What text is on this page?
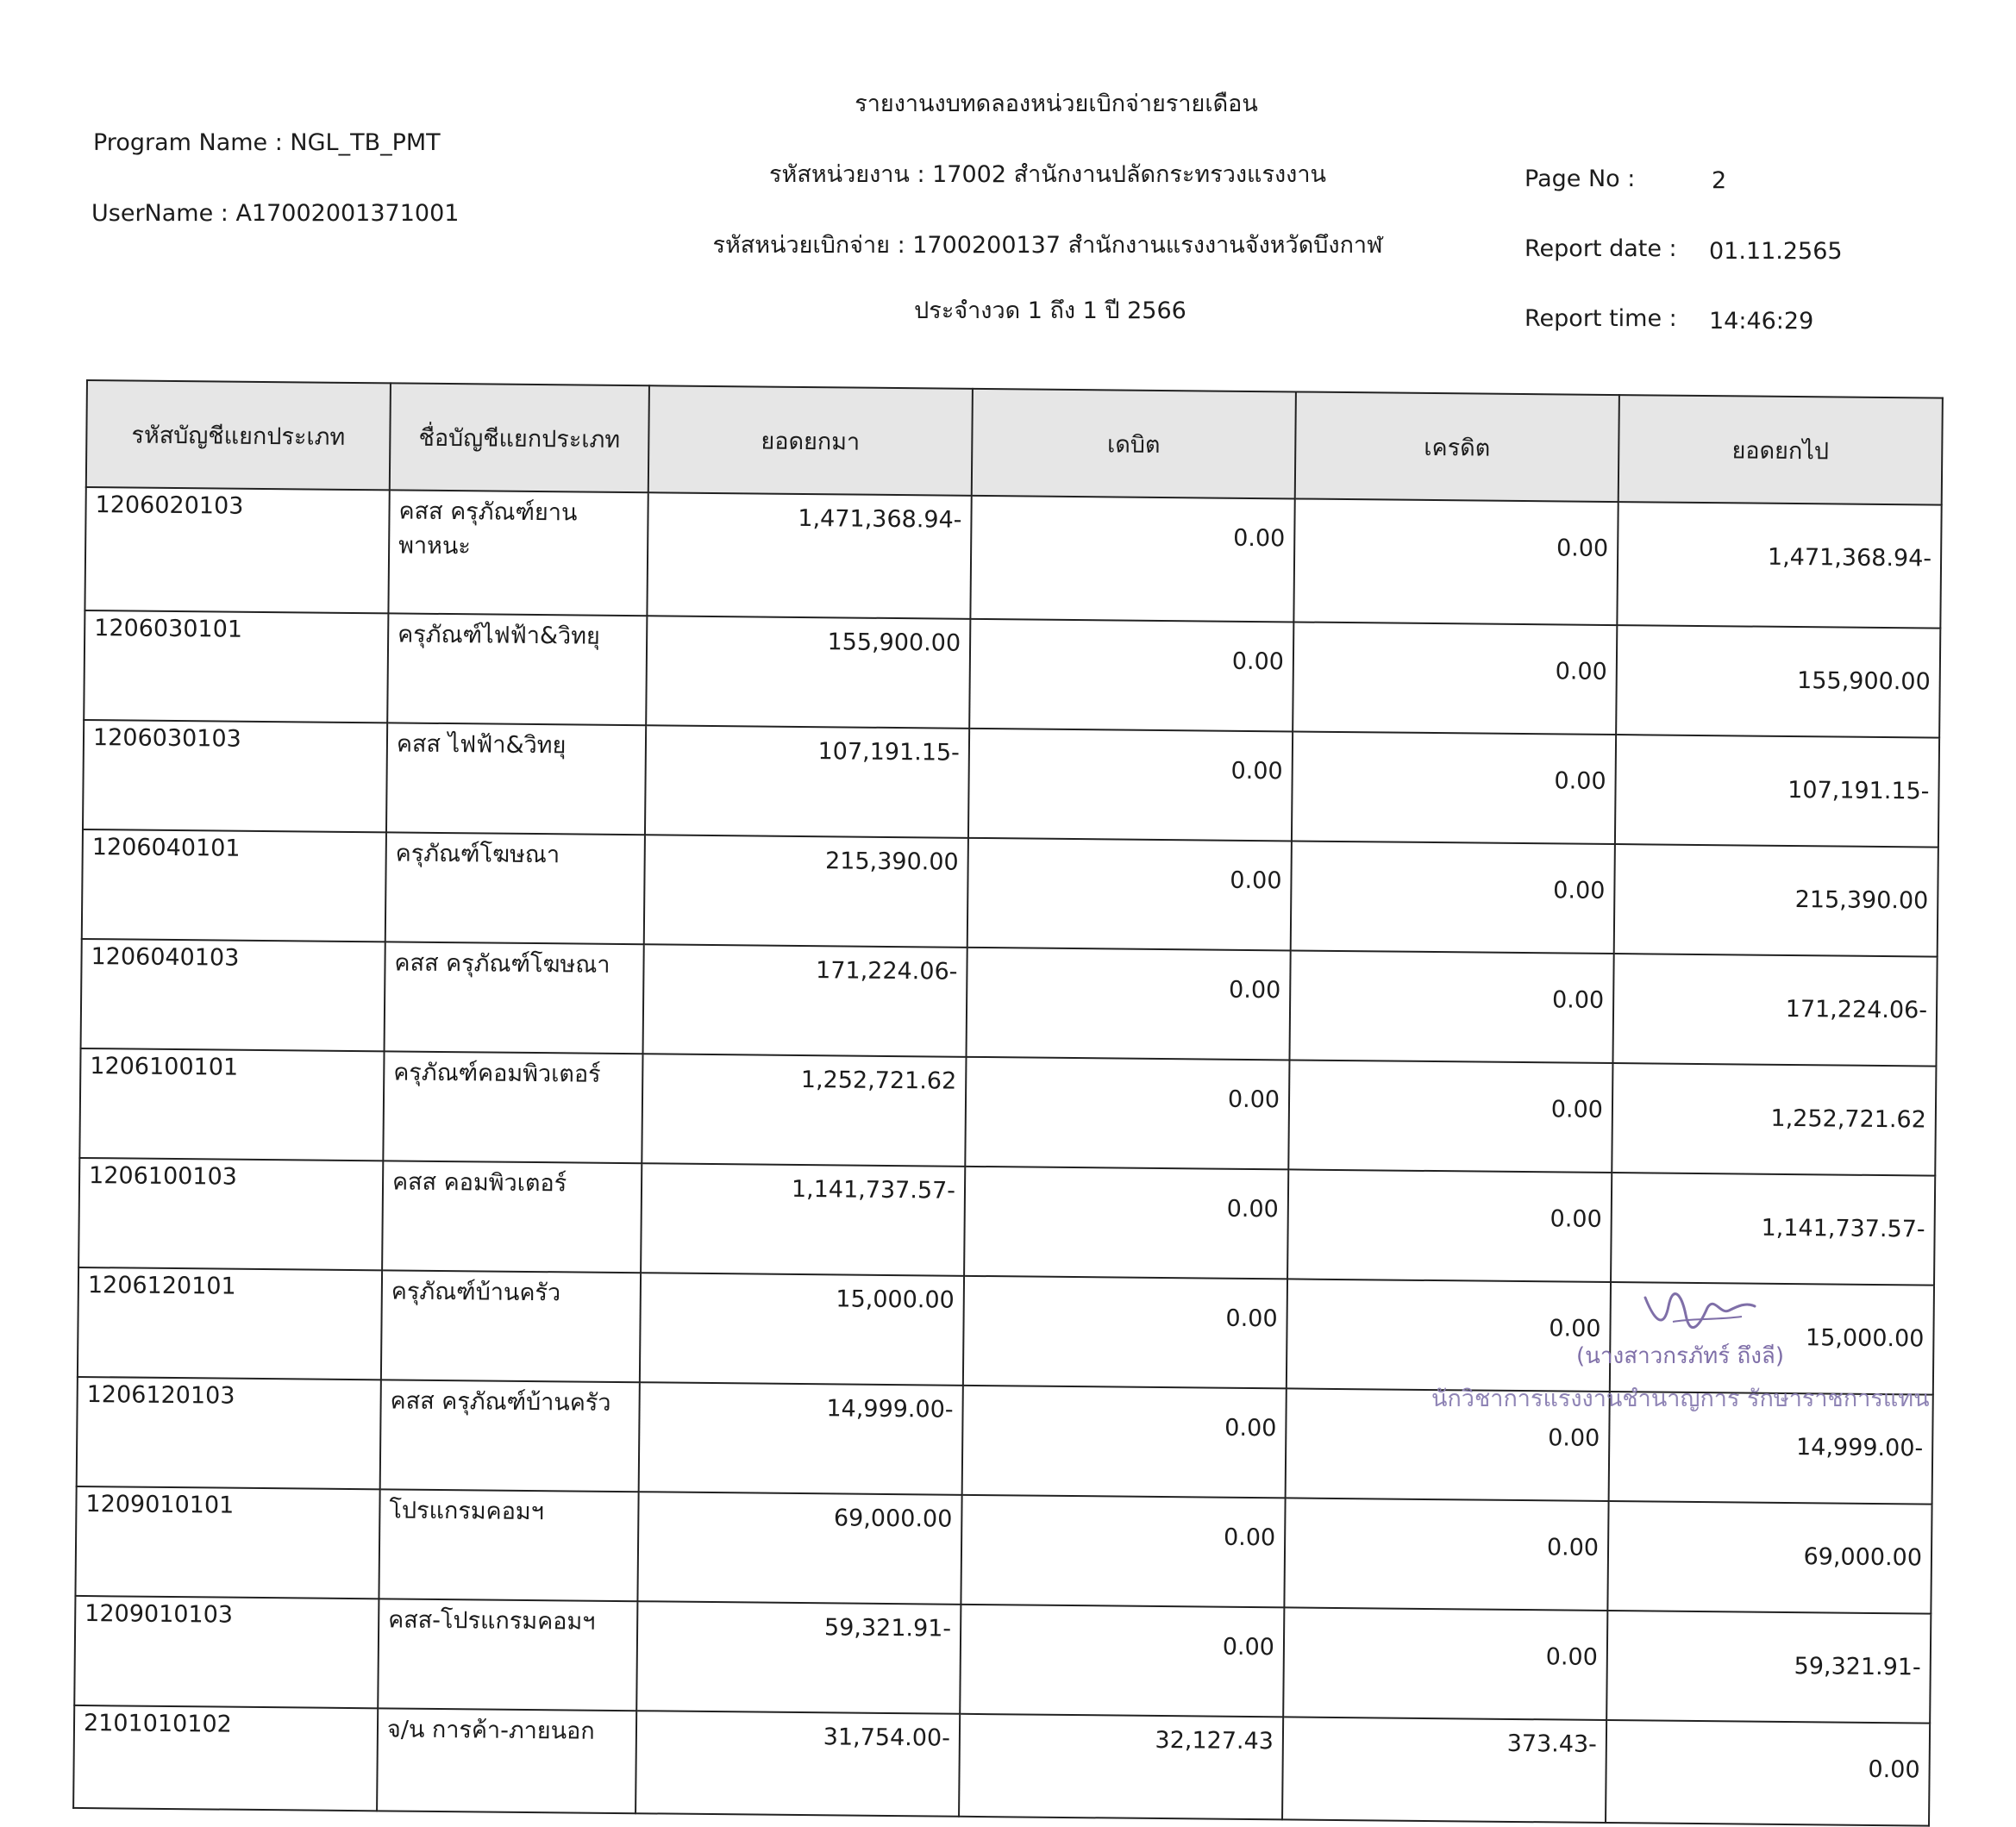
Program Name : NGL_TB_PMT
UserName : A17002001371001
รายงานงบทดลองหน่วยเบิกจ่ายรายเดือน
รหัสหน่วยงาน : 17002 สำนักงานปลัดกระทรวงแรงงาน
รหัสหน่วยเบิกจ่าย : 1700200137 สำนักงานแรงงานจังหวัดบึงกาฬ
ประจำงวด 1 ถึง 1 ปี 2566
Page No :	2
Report date : 01.11.2565
Report time : 14:46:29
รหัสบัญชีแยกประเภท	ชื่อบัญชีแยกประเภท	ยอดยกมา	เดบิต	เครดิต	ยอดยกไป
1206020103	คสส ครุภัณฑ์ยานพาหนะ	1,471,368.94-	0.00	0.00	1,471,368.94-
1206030101	ครุภัณฑ์ไฟฟ้า&วิทยุ	155,900.00	0.00	0.00	155,900.00
1206030103	คสส ไฟฟ้า&วิทยุ	107,191.15-	0.00	0.00	107,191.15-
1206040101	ครุภัณฑ์โฆษณา	215,390.00	0.00	0.00	215,390.00
1206040103	คสส ครุภัณฑ์โฆษณา	171,224.06-	0.00	0.00	171,224.06-
1206100101	ครุภัณฑ์คอมพิวเตอร์	1,252,721.62	0.00	0.00	1,252,721.62
1206100103	คสส คอมพิวเตอร์	1,141,737.57-	0.00	0.00	1,141,737.57-
1206120101	ครุภัณฑ์บ้านครัว	15,000.00	0.00	0.00	15,000.00
1206120103	คสส ครุภัณฑ์บ้านครัว	14,999.00-	0.00	0.00	14,999.00-
1209010101	โปรแกรมคอมฯ	69,000.00	0.00	0.00	69,000.00
1209010103	คสส-โปรแกรมคอมฯ	59,321.91-	0.00	0.00	59,321.91-
2101010102	จ/น การค้า-ภายนอก	31,754.00-	32,127.43	373.43-	0.00
(นางสาวกรภัทร์ ถึงลี)
นักวิชาการแรงงานชำนาญการ รักษาราชการแทน
